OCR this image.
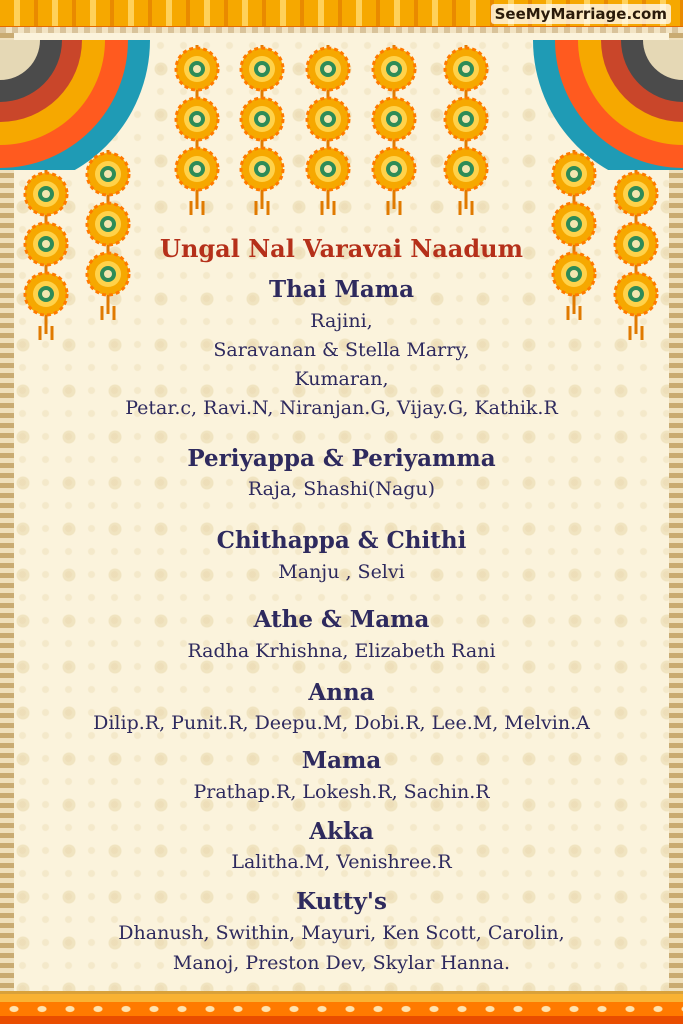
SeeMyMarriage.com
Ungal Nal Varavai Naadum
Thai Mama
Rajini,
Saravanan & Stella Marry,
Kumaran,
Petar.c, Ravi.N, Niranjan.G, Vijay.G, Kathik.R
Periyappa & Periyamma
Raja, Shashi(Nagu)
Chithappa & Chithi
Manju , Selvi
Athe & Mama
Radha Krhishna, Elizabeth Rani
Anna
Dilip.R, Punit.R, Deepu.M, Dobi.R, Lee.M, Melvin.A
Mama
Prathap.R, Lokesh.R, Sachin.R
Akka
Lalitha.M, Venishree.R
Kutty's
Dhanush, Swithin, Mayuri, Ken Scott, Carolin,
Manoj, Preston Dev, Skylar Hanna.
